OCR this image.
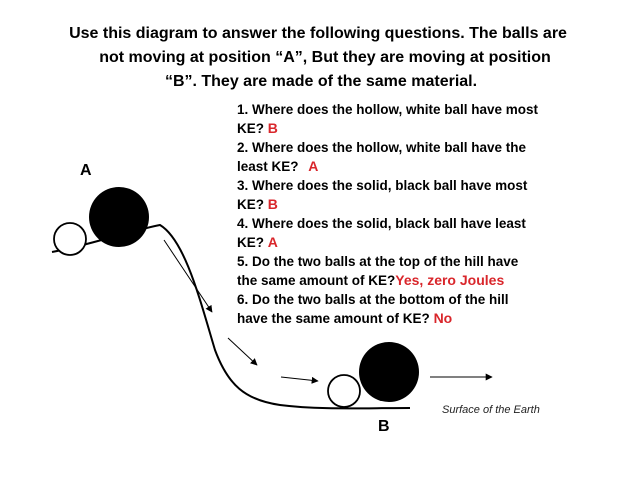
Use this diagram to answer the following questions. The balls are
not moving at position “A”, But they are moving at position
“B”. They are made of the same material.
A
B
Surface of the Earth
1. Where does the hollow, white ball have most
KE? B
2. Where does the hollow, white ball have the
least KE? A
3. Where does the solid, black ball have most
KE? B
4. Where does the solid, black ball have least
KE? A
5. Do the two balls at the top of the hill have
the same amount of KE?Yes, zero Joules
6. Do the two balls at the bottom of the hill
have the same amount of KE? No
